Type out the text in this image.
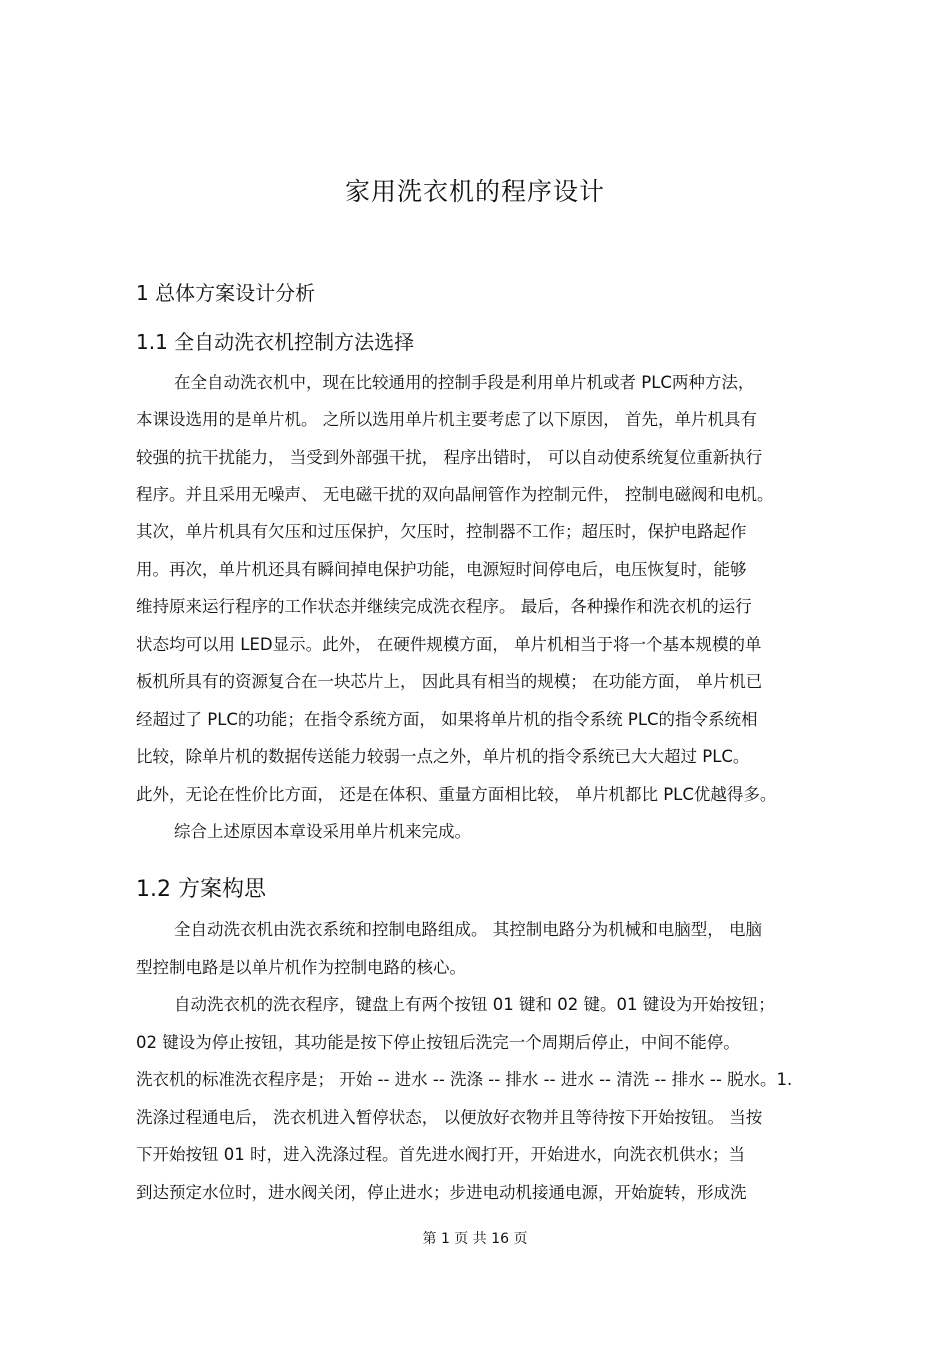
家用洗衣机的程序设计
1 总体方案设计分析
1.1 全自动洗衣机控制方法选择
在全自动洗衣机中，现在比较通用的控制手段是利用单片机或者 PLC两种方法，
本课设选用的是单片机。 之所以选用单片机主要考虑了以下原因， 首先，单片机具有
较强的抗干扰能力， 当受到外部强干扰， 程序出错时， 可以自动使系统复位重新执行
程序。并且采用无噪声、 无电磁干扰的双向晶闸管作为控制元件， 控制电磁阀和电机。
其次，单片机具有欠压和过压保护，欠压时，控制器不工作；超压时，保护电路起作
用。再次，单片机还具有瞬间掉电保护功能，电源短时间停电后，电压恢复时，能够
维持原来运行程序的工作状态并继续完成洗衣程序。 最后，各种操作和洗衣机的运行
状态均可以用 LED显示。此外， 在硬件规模方面， 单片机相当于将一个基本规模的单
板机所具有的资源复合在一块芯片上， 因此具有相当的规模； 在功能方面， 单片机已
经超过了 PLC的功能；在指令系统方面， 如果将单片机的指令系统 PLC的指令系统相
比较，除单片机的数据传送能力较弱一点之外，单片机的指令系统已大大超过 PLC。
此外，无论在性价比方面， 还是在体积、重量方面相比较， 单片机都比 PLC优越得多。
综合上述原因本章设采用单片机来完成。
1.2 方案构思
全自动洗衣机由洗衣系统和控制电路组成。 其控制电路分为机械和电脑型， 电脑
型控制电路是以单片机作为控制电路的核心。
自动洗衣机的洗衣程序，键盘上有两个按钮 01 键和 02 键。01 键设为开始按钮；
02 键设为停止按钮，其功能是按下停止按钮后洗完一个周期后停止，中间不能停。
洗衣机的标准洗衣程序是； 开始 -- 进水 -- 洗涤 -- 排水 -- 进水 -- 清洗 -- 排水 -- 脱水。1.
洗涤过程通电后， 洗衣机进入暂停状态， 以便放好衣物并且等待按下开始按钮。 当按
下开始按钮 01 时，进入洗涤过程。首先进水阀打开，开始进水，向洗衣机供水；当
到达预定水位时，进水阀关闭，停止进水；步进电动机接通电源，开始旋转，形成洗
第 1 页 共 16 页
